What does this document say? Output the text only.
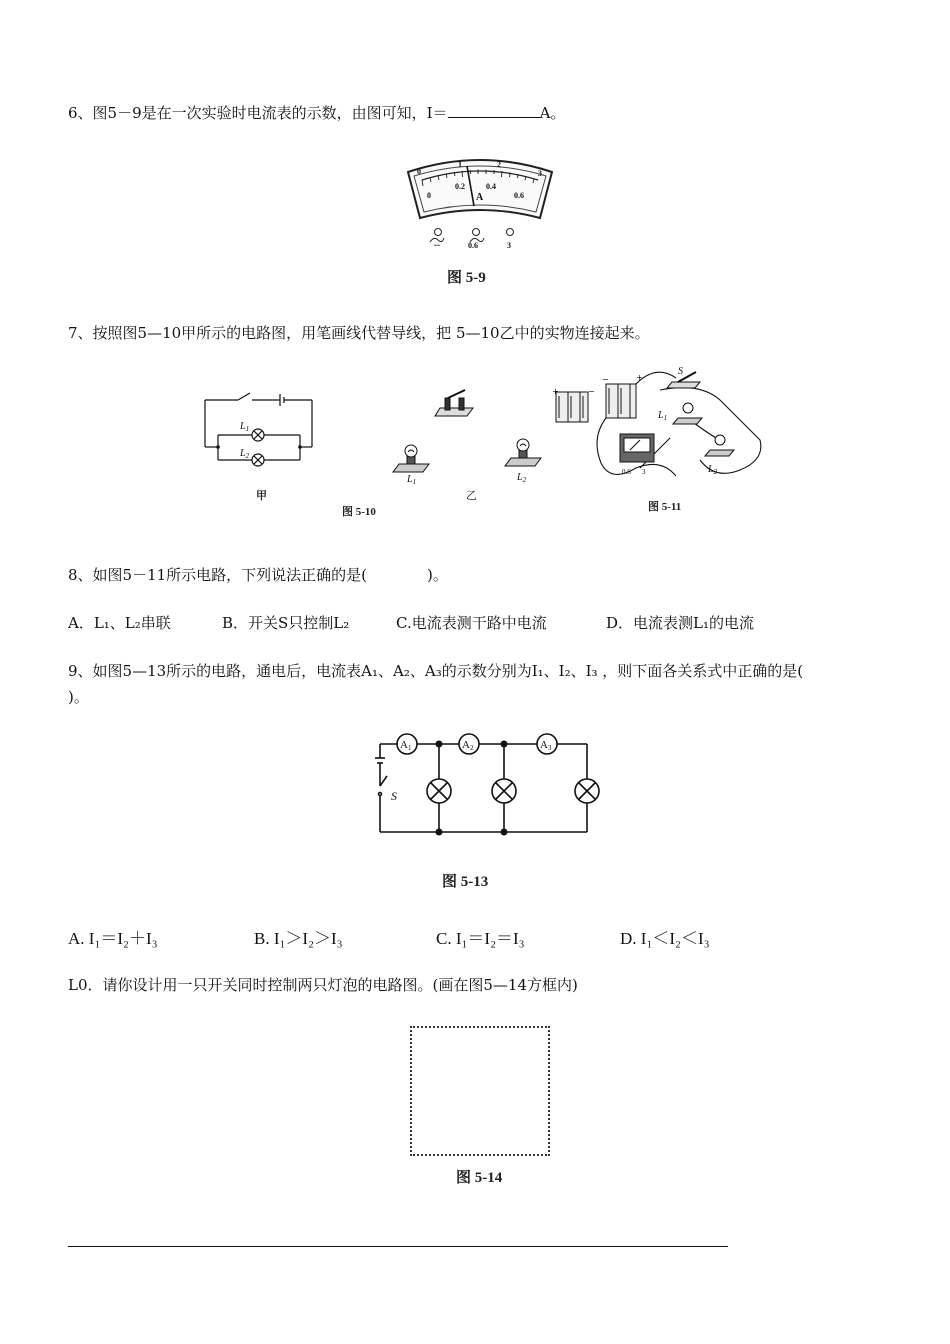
6、图5－9是在一次实验时电流表的示数，由图可知，I＝	A。
0
1	2
3
0
0.2	0.4
0.6
A
－	0.6	3
图 5-9
7、按照图5—10甲所示的电路图，用笔画线代替导线，把 5—10乙中的实物连接起来。
$L_1$
$L_2$
甲
图 5-10
$L_1$	$L_2$
乙
+	−
−	+
S
$L_1$
$L_2$
0.6 3
图 5-11
8、如图5－11所示电路，下列说法正确的是(	)。
A．L₁、L₂串联	B．开关S只控制L₂	C.电流表测干路中电流	D．电流表测L₁的电流
9、如图5—13所示的电路，通电后，电流表A₁、A₂、A₃的示数分别为I₁、I₂、I₃ ，则下面各关系式中正确的是(
)。
A1	A2	A3
S
图 5-13
A. I₁＝I₂＋I₃	B. I₁＞I₂＞I₃	C. I₁＝I₂＝I₃	D. I₁＜I₂＜I₃
L0．请你设计用一只开关同时控制两只灯泡的电路图。(画在图5—14方框内)
图 5-14
